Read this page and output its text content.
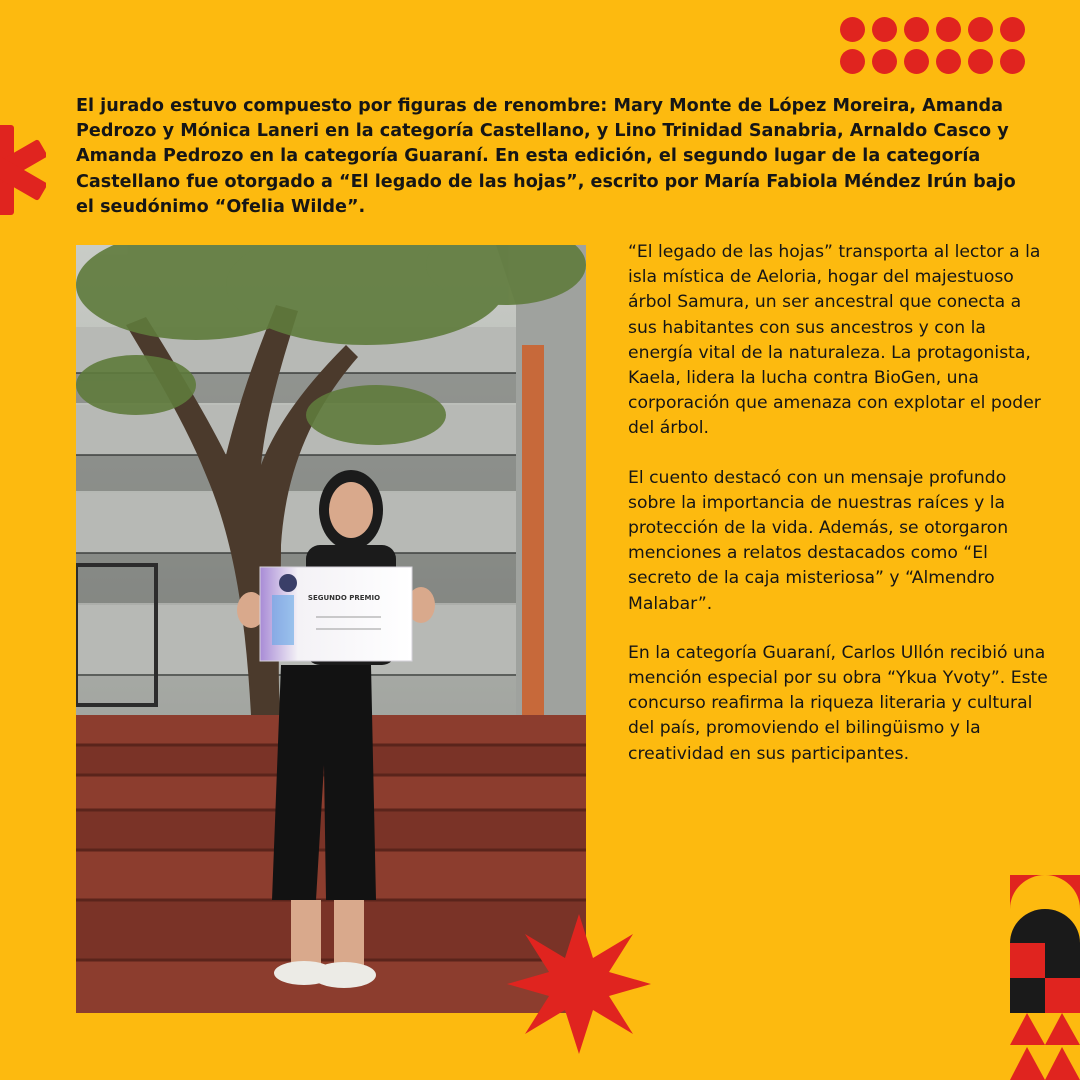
El jurado estuvo compuesto por figuras de renombre: Mary Monte de López Moreira, Amanda Pedrozo y Mónica Laneri en la categoría Castellano, y Lino Trinidad Sanabria, Arnaldo Casco y Amanda Pedrozo en la categoría Guaraní. En esta edición, el segundo lugar de la categoría Castellano fue otorgado a “El legado de las hojas”, escrito por María Fabiola Méndez Irún bajo el seudónimo “Ofelia Wilde”.

SEGUNDO PREMIO

“El legado de las hojas” transporta al lector a la isla mística de Aeloria, hogar del majestuoso árbol Samura, un ser ancestral que conecta a sus habitantes con sus ancestros y con la energía vital de la naturaleza. La protagonista, Kaela, lidera la lucha contra BioGen, una corporación que amenaza con explotar el poder del árbol.

El cuento destacó con un mensaje profundo sobre la importancia de nuestras raíces y la protección de la vida. Además, se otorgaron menciones a relatos destacados como “El secreto de la caja misteriosa” y “Almendro Malabar”.

En la categoría Guaraní, Carlos Ullón recibió una mención especial por su obra “Ykua Yvoty”. Este concurso reafirma la riqueza literaria y cultural del país, promoviendo el bilingüismo y la creatividad en sus participantes.
